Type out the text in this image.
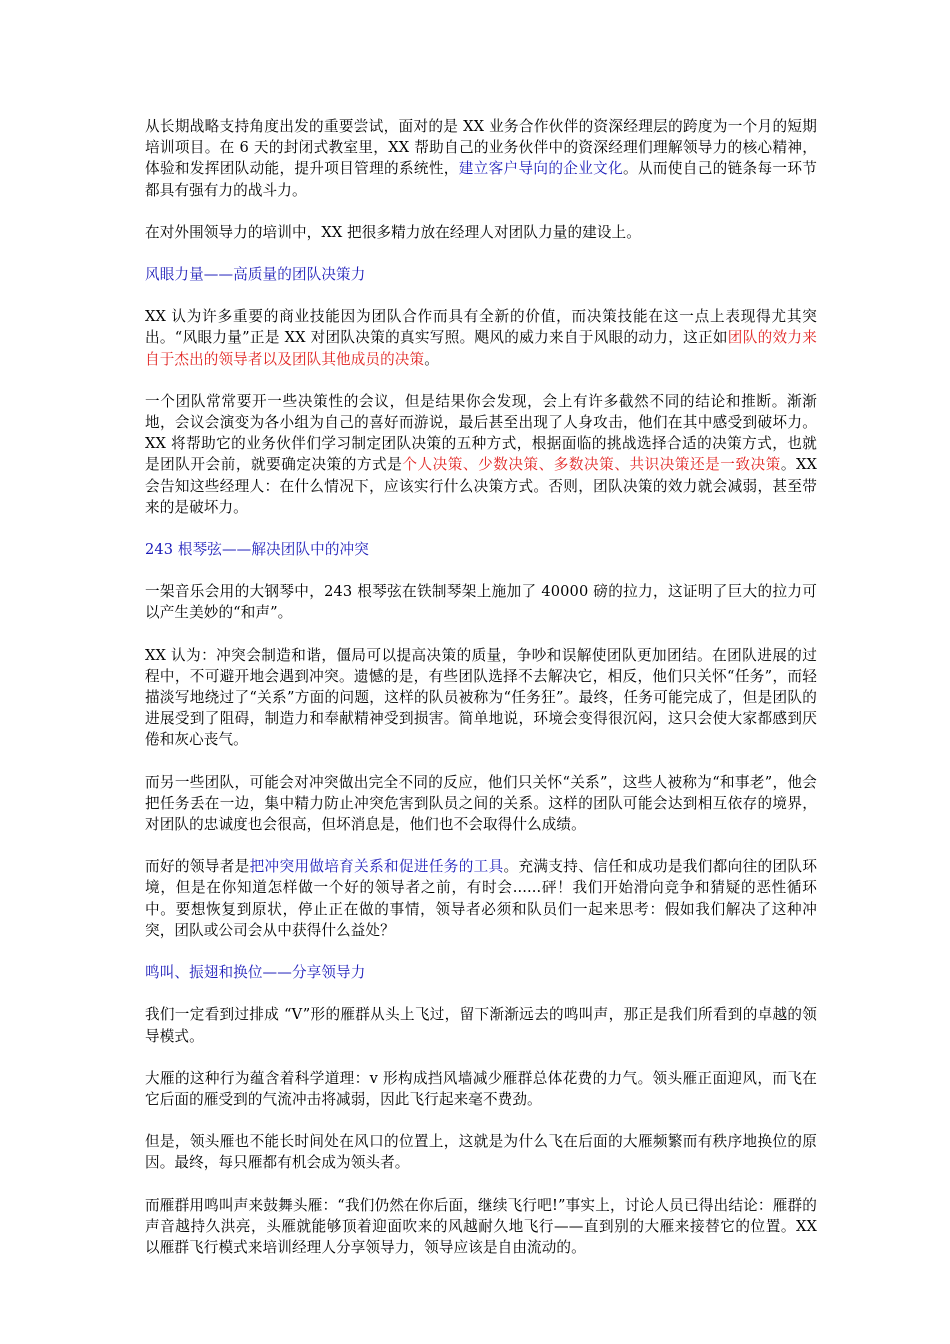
从长期战略支持角度出发的重要尝试，面对的是 XX 业务合作伙伴的资深经理层的跨度为一个月的短期培训项目。在 6 天的封闭式教室里，XX 帮助自己的业务伙伴中的资深经理们理解领导力的核心精神，体验和发挥团队动能，提升项目管理的系统性，建立客户导向的企业文化。从而使自己的链条每一环节都具有强有力的战斗力。

在对外围领导力的培训中，XX 把很多精力放在经理人对团队力量的建设上。

风眼力量——高质量的团队决策力

XX 认为许多重要的商业技能因为团队合作而具有全新的价值，而决策技能在这一点上表现得尤其突出。“风眼力量”正是 XX 对团队决策的真实写照。飓风的威力来自于风眼的动力，这正如团队的效力来自于杰出的领导者以及团队其他成员的决策。

一个团队常常要开一些决策性的会议，但是结果你会发现，会上有许多截然不同的结论和推断。渐渐地，会议会演变为各小组为自己的喜好而游说，最后甚至出现了人身攻击，他们在其中感受到破坏力。XX 将帮助它的业务伙伴们学习制定团队决策的五种方式，根据面临的挑战选择合适的决策方式，也就是团队开会前，就要确定决策的方式是个人决策、少数决策、多数决策、共识决策还是一致决策。XX 会告知这些经理人：在什么情况下，应该实行什么决策方式。否则，团队决策的效力就会减弱，甚至带来的是破坏力。

243 根琴弦——解决团队中的冲突

一架音乐会用的大钢琴中，243 根琴弦在铁制琴架上施加了 40000 磅的拉力，这证明了巨大的拉力可以产生美妙的“和声”。

XX 认为：冲突会制造和谐，僵局可以提高决策的质量，争吵和误解使团队更加团结。在团队进展的过程中，不可避开地会遇到冲突。遗憾的是，有些团队选择不去解决它，相反，他们只关怀“任务”，而轻描淡写地绕过了“关系”方面的问题，这样的队员被称为“任务狂”。最终，任务可能完成了，但是团队的进展受到了阻碍，制造力和奉献精神受到损害。简单地说，环境会变得很沉闷，这只会使大家都感到厌倦和灰心丧气。

而另一些团队，可能会对冲突做出完全不同的反应，他们只关怀“关系”，这些人被称为“和事老”，他会把任务丢在一边，集中精力防止冲突危害到队员之间的关系。这样的团队可能会达到相互依存的境界，对团队的忠诚度也会很高，但坏消息是，他们也不会取得什么成绩。

而好的领导者是把冲突用做培育关系和促进任务的工具。充满支持、信任和成功是我们都向往的团队环境，但是在你知道怎样做一个好的领导者之前，有时会......砰！我们开始滑向竞争和猜疑的恶性循环中。要想恢复到原状，停止正在做的事情，领导者必须和队员们一起来思考：假如我们解决了这种冲突，团队或公司会从中获得什么益处？

鸣叫、振翅和换位——分享领导力

我们一定看到过排成 “V”形的雁群从头上飞过，留下渐渐远去的鸣叫声，那正是我们所看到的卓越的领导模式。

大雁的这种行为蕴含着科学道理：v 形构成挡风墙减少雁群总体花费的力气。领头雁正面迎风，而飞在它后面的雁受到的气流冲击将减弱，因此飞行起来毫不费劲。

但是，领头雁也不能长时间处在风口的位置上，这就是为什么飞在后面的大雁频繁而有秩序地换位的原因。最终，每只雁都有机会成为领头者。

而雁群用鸣叫声来鼓舞头雁：“我们仍然在你后面，继续飞行吧!”事实上，讨论人员已得出结论：雁群的声音越持久洪亮，头雁就能够顶着迎面吹来的风越耐久地飞行——直到别的大雁来接替它的位置。XX 以雁群飞行模式来培训经理人分享领导力，领导应该是自由流动的。
